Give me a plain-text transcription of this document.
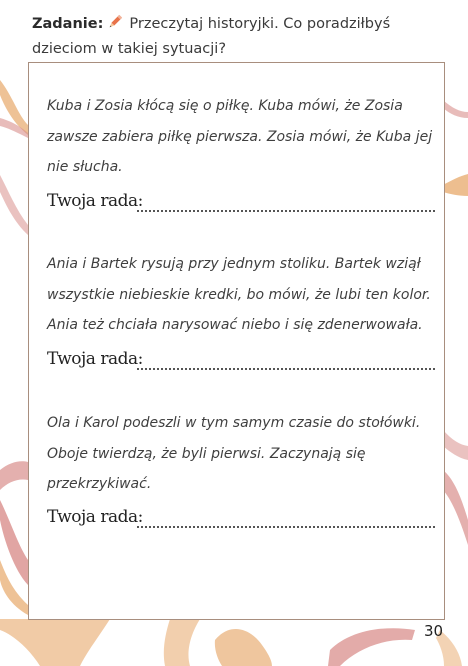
Zadanie: Przeczytaj historyjki. Co poradziłbyś dzieciom w takiej sytuacji?
Kuba i Zosia kłócą się o piłkę. Kuba mówi, że Zosia zawsze zabiera piłkę pierwsza. Zosia mówi, że Kuba jej nie słucha.
Twoja rada:
Ania i Bartek rysują przy jednym stoliku. Bartek wziął wszystkie niebieskie kredki, bo mówi, że lubi ten kolor. Ania też chciała narysować niebo i się zdenerwowała.
Twoja rada:
Ola i Karol podeszli w tym samym czasie do stołówki. Oboje twierdzą, że byli pierwsi. Zaczynają się przekrzykiwać.
Twoja rada:
30
